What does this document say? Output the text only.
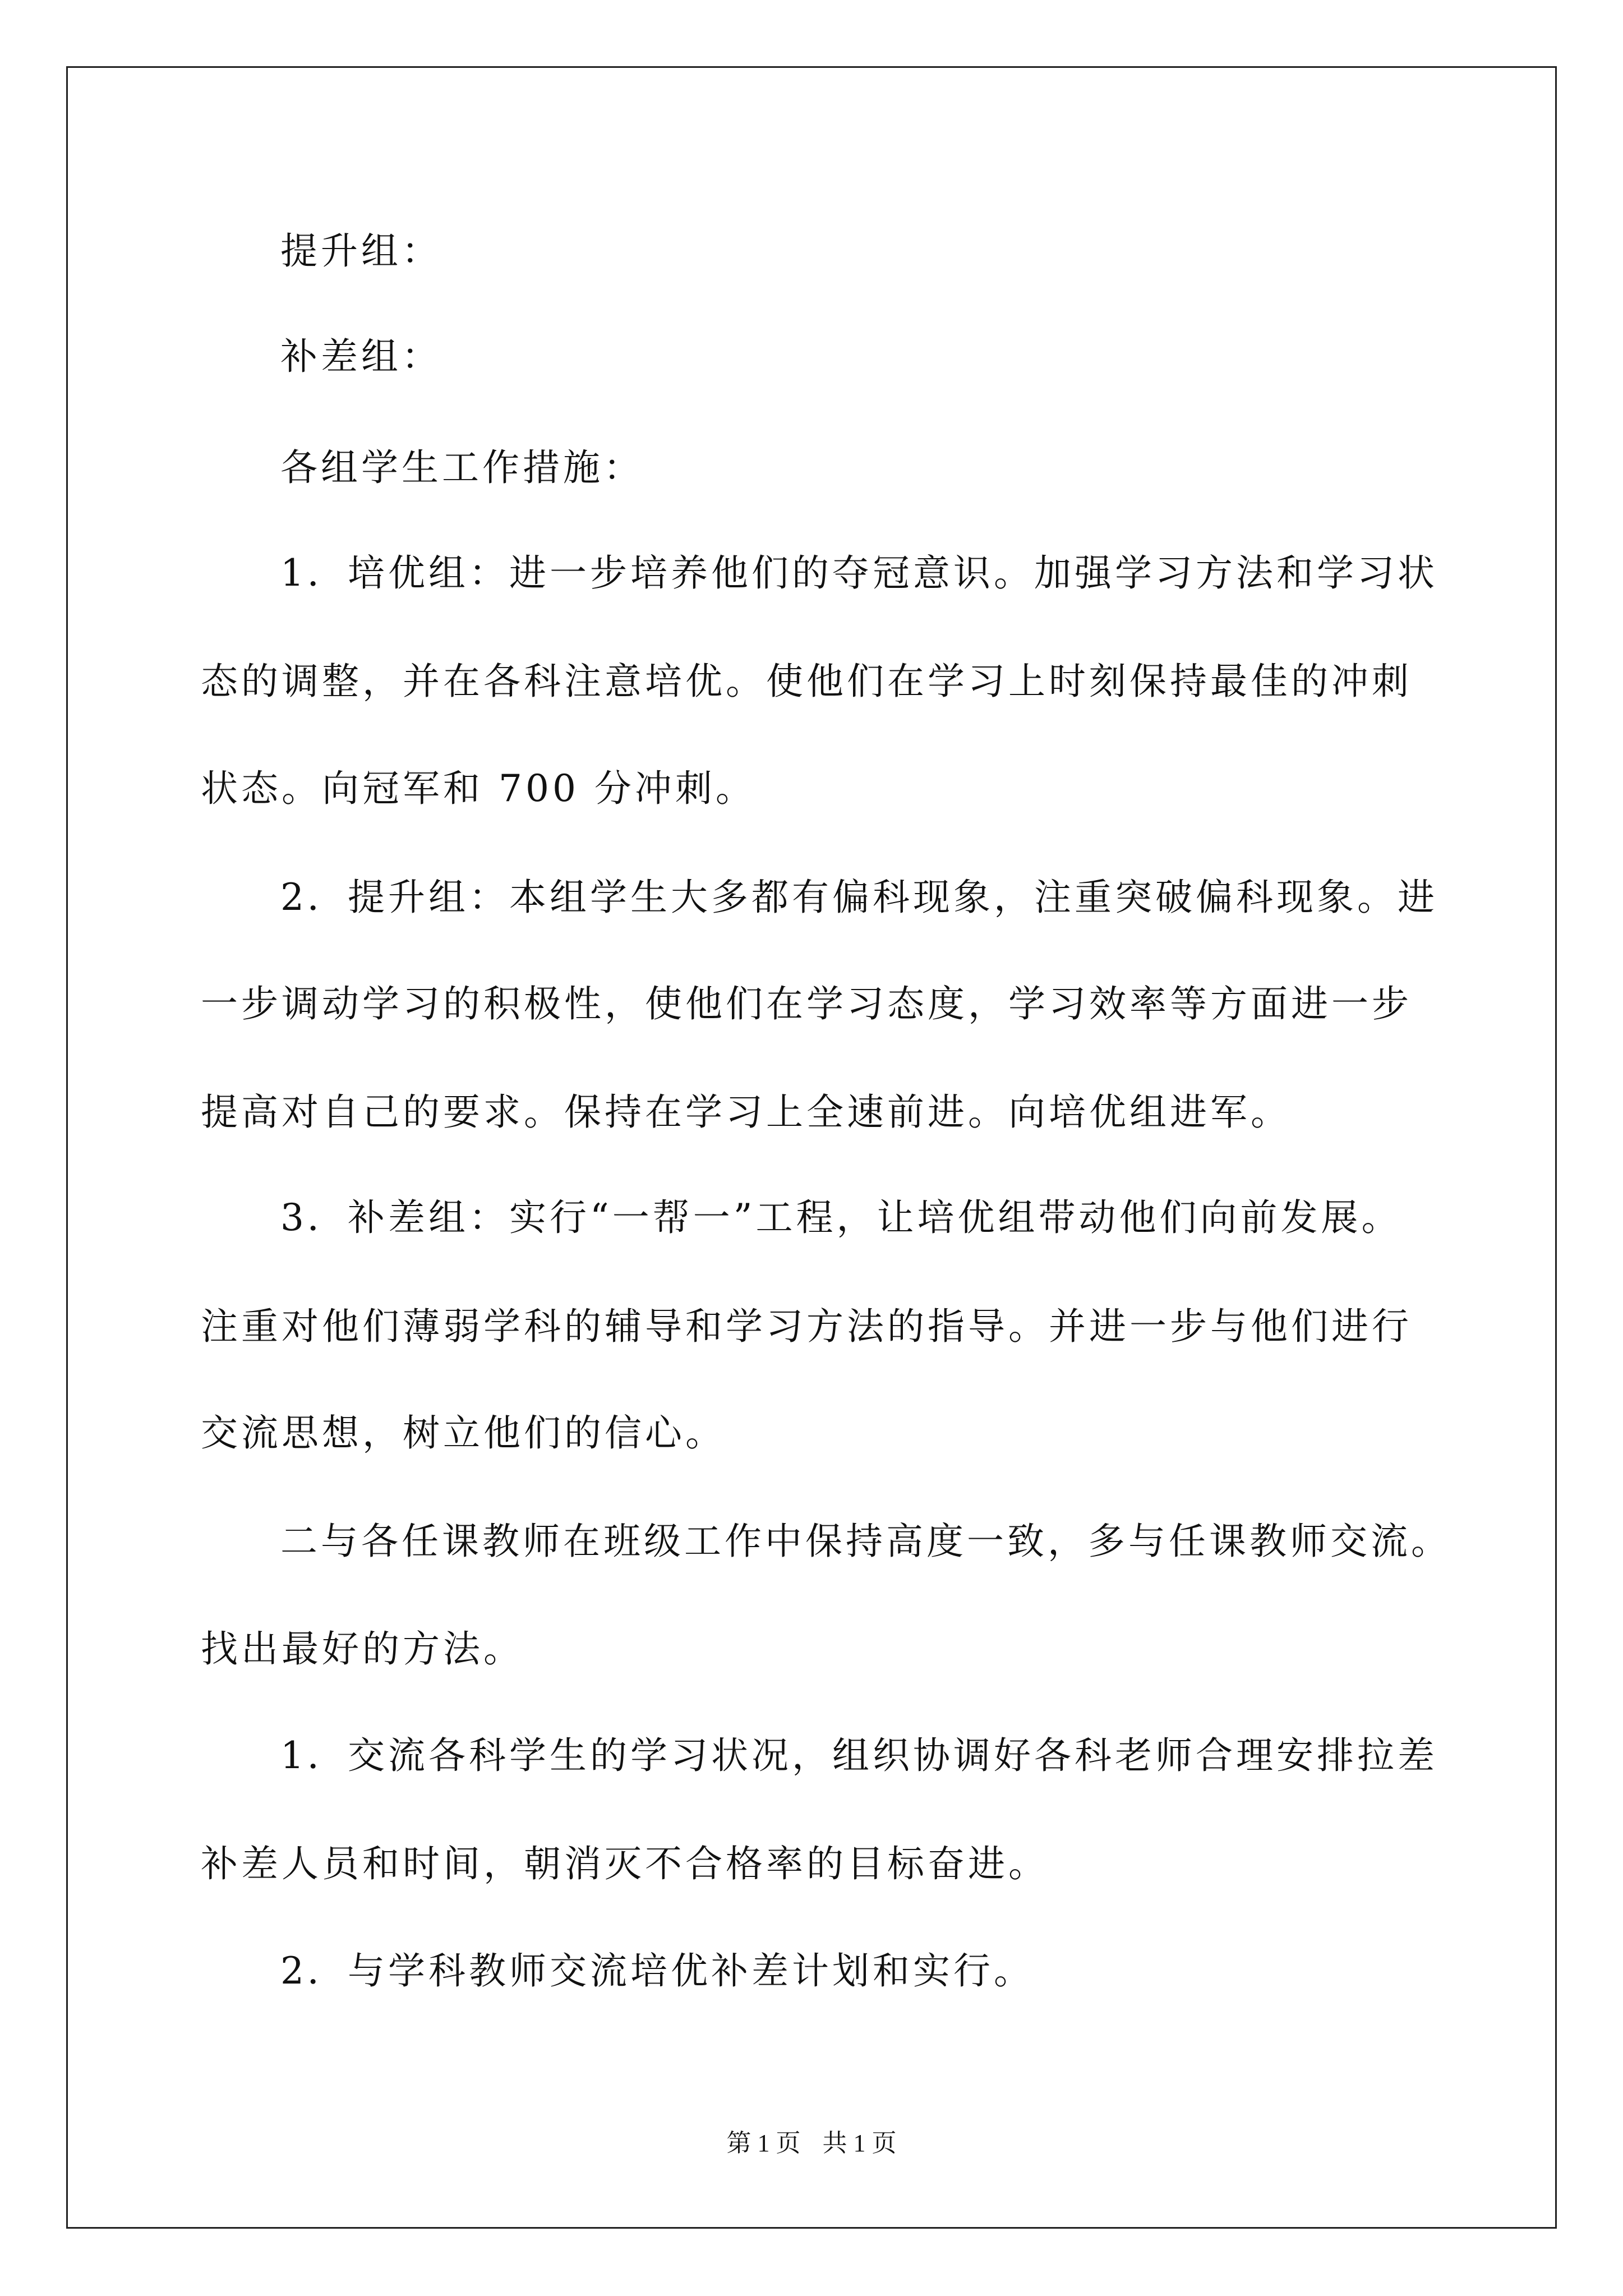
提升组：
补差组：
各组学生工作措施：
1．培优组：进一步培养他们的夺冠意识。加强学习方法和学习状
态的调整，并在各科注意培优。使他们在学习上时刻保持最佳的冲刺
状态。向冠军和 700 分冲刺。
2．提升组：本组学生大多都有偏科现象，注重突破偏科现象。进
一步调动学习的积极性，使他们在学习态度，学习效率等方面进一步
提高对自己的要求。保持在学习上全速前进。向培优组进军。
3．补差组：实行“一帮一”工程，让培优组带动他们向前发展。
注重对他们薄弱学科的辅导和学习方法的指导。并进一步与他们进行
交流思想，树立他们的信心。
二与各任课教师在班级工作中保持高度一致，多与任课教师交流。
找出最好的方法。
1．交流各科学生的学习状况，组织协调好各科老师合理安排拉差
补差人员和时间，朝消灭不合格率的目标奋进。
2．与学科教师交流培优补差计划和实行。
第 1 页 共 1 页
